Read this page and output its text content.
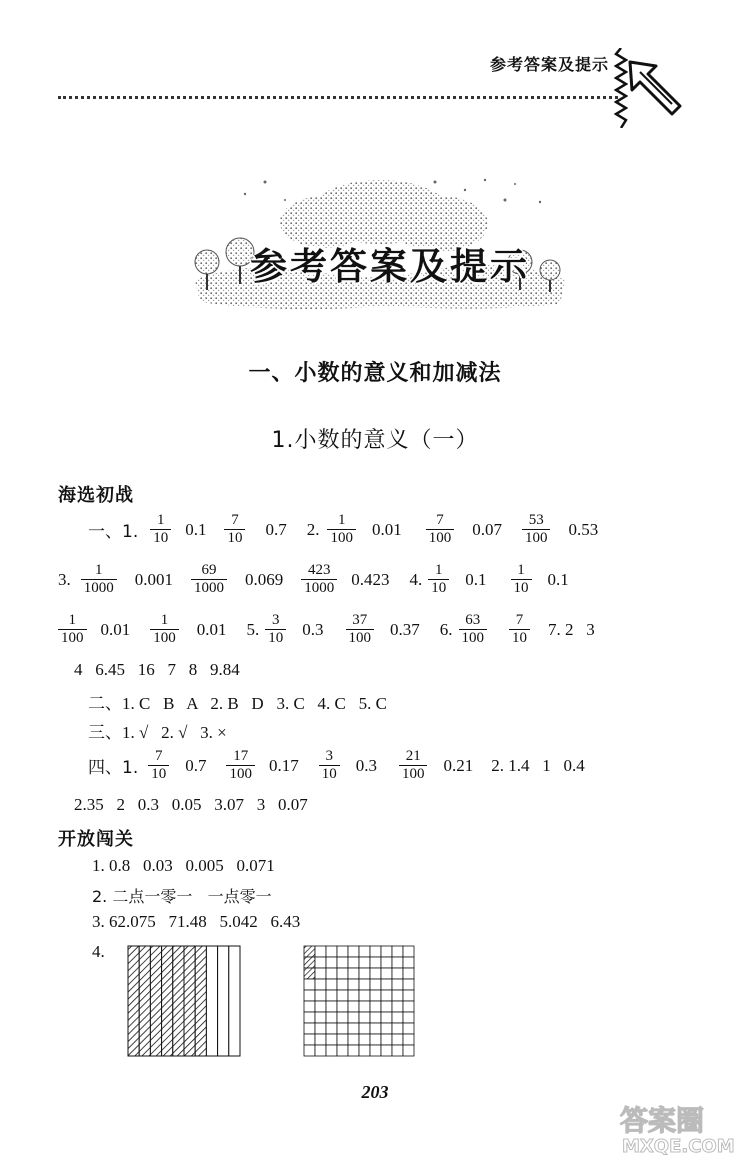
参考答案及提示
参考答案及提示
一、小数的意义和加减法
1.小数的意义（一）
海选初战
一、1. $\frac{1}{10} 0.1 \frac{7}{10} 0.7$ 2. $\frac{1}{100} 0.01 \frac{7}{100} 0.07 \frac{53}{100} 0.53$
3. $\frac{1}{1000} 0.001 \frac{69}{1000} 0.069 \frac{423}{1000} 0.423$ 4. $\frac{1}{10} 0.1 \frac{1}{10} 0.1$
$\frac{1}{100} 0.01 \frac{1}{100} 0.01$ 5. $\frac{3}{10} 0.3 \frac{37}{100} 0.37$ 6. $\frac{63}{100} \frac{7}{10} 7$. 2   3
4   6.45   16   7   8   9.84
二、1. C   B   A   2. B   D   3. C   4. C   5. C
三、1. √   2. √   3. ×
四、1. $\frac{7}{10} 0.7 \frac{17}{100} 0.17 \frac{3}{10} 0.3 \frac{21}{100} 0.21$ 2. 1.4   1   0.4
2.35   2   0.3   0.05   3.07   3   0.07
开放闯关
1. 0.8   0.03   0.005   0.071
2. 二点一零一   一点零一
3. 62.075   71.48   5.042   6.43
4.
203
答案圈
MXQE.COM
